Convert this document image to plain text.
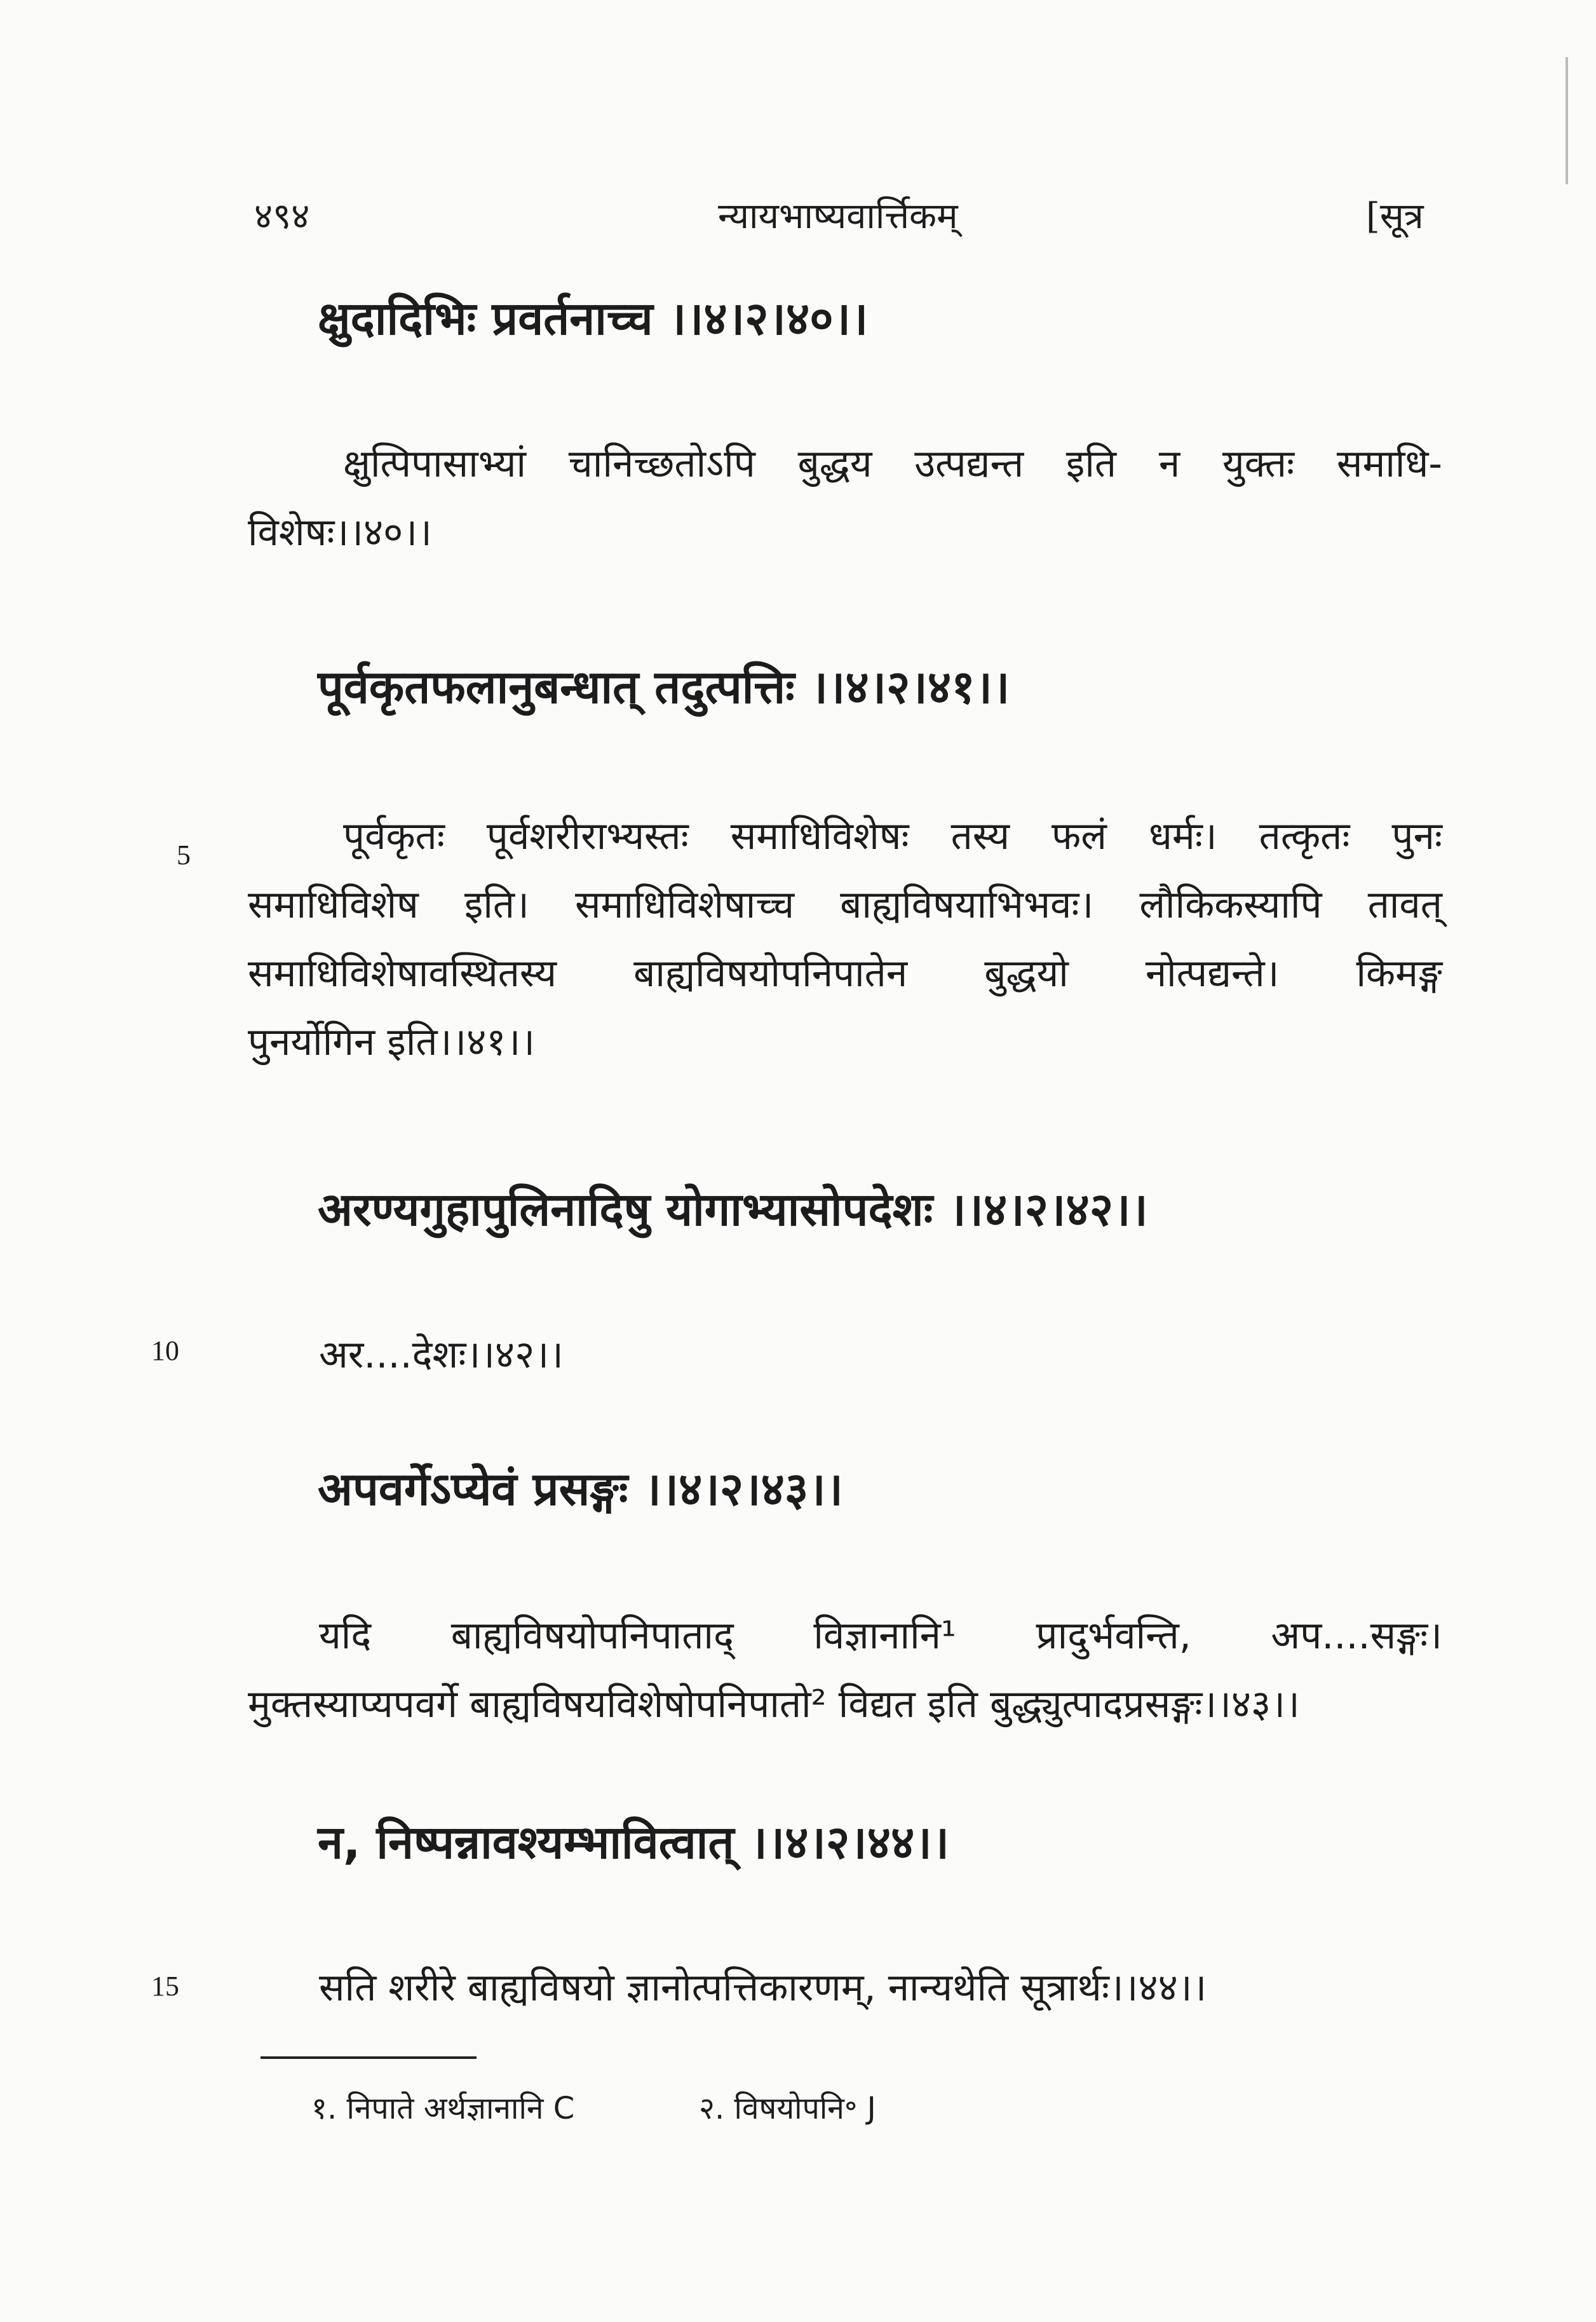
४९४	न्यायभाष्यवार्त्तिकम्	[सूत्र
क्षुदादिभिः प्रवर्तनाच्च ।।४।२।४०।।
क्षुत्पिपासाभ्यां चानिच्छतोऽपि बुद्धय उत्पद्यन्त इति न युक्तः समाधि-
विशेषः।।४०।।
पूर्वकृतफलानुबन्धात् तदुत्पत्तिः ।।४।२।४१।।
5	पूर्वकृतः पूर्वशरीराभ्यस्तः समाधिविशेषः तस्य फलं धर्मः। तत्कृतः पुनः
समाधिविशेष इति। समाधिविशेषाच्च बाह्यविषयाभिभवः। लौकिकस्यापि तावत्
समाधिविशेषावस्थितस्य बाह्यविषयोपनिपातेन बुद्धयो नोत्पद्यन्ते। किमङ्ग
पुनर्योगिन इति।।४१।।
अरण्यगुहापुलिनादिषु योगाभ्यासोपदेशः ।।४।२।४२।।
10	अर....देशः।।४२।।
अपवर्गेऽप्येवं प्रसङ्गः ।।४।२।४३।।
यदि बाह्यविषयोपनिपाताद् विज्ञानानि¹ प्रादुर्भवन्ति, अप....सङ्गः।
मुक्तस्याप्यपवर्गे बाह्यविषयविशेषोपनिपातो² विद्यत इति बुद्ध्युत्पादप्रसङ्गः।।४३।।
न, निष्पन्नावश्यम्भावित्वात् ।।४।२।४४।।
15	सति शरीरे बाह्यविषयो ज्ञानोत्पत्तिकारणम्, नान्यथेति सूत्रार्थः।।४४।।
१. निपाते अर्थज्ञानानि C	२. विषयोपनि॰ J
